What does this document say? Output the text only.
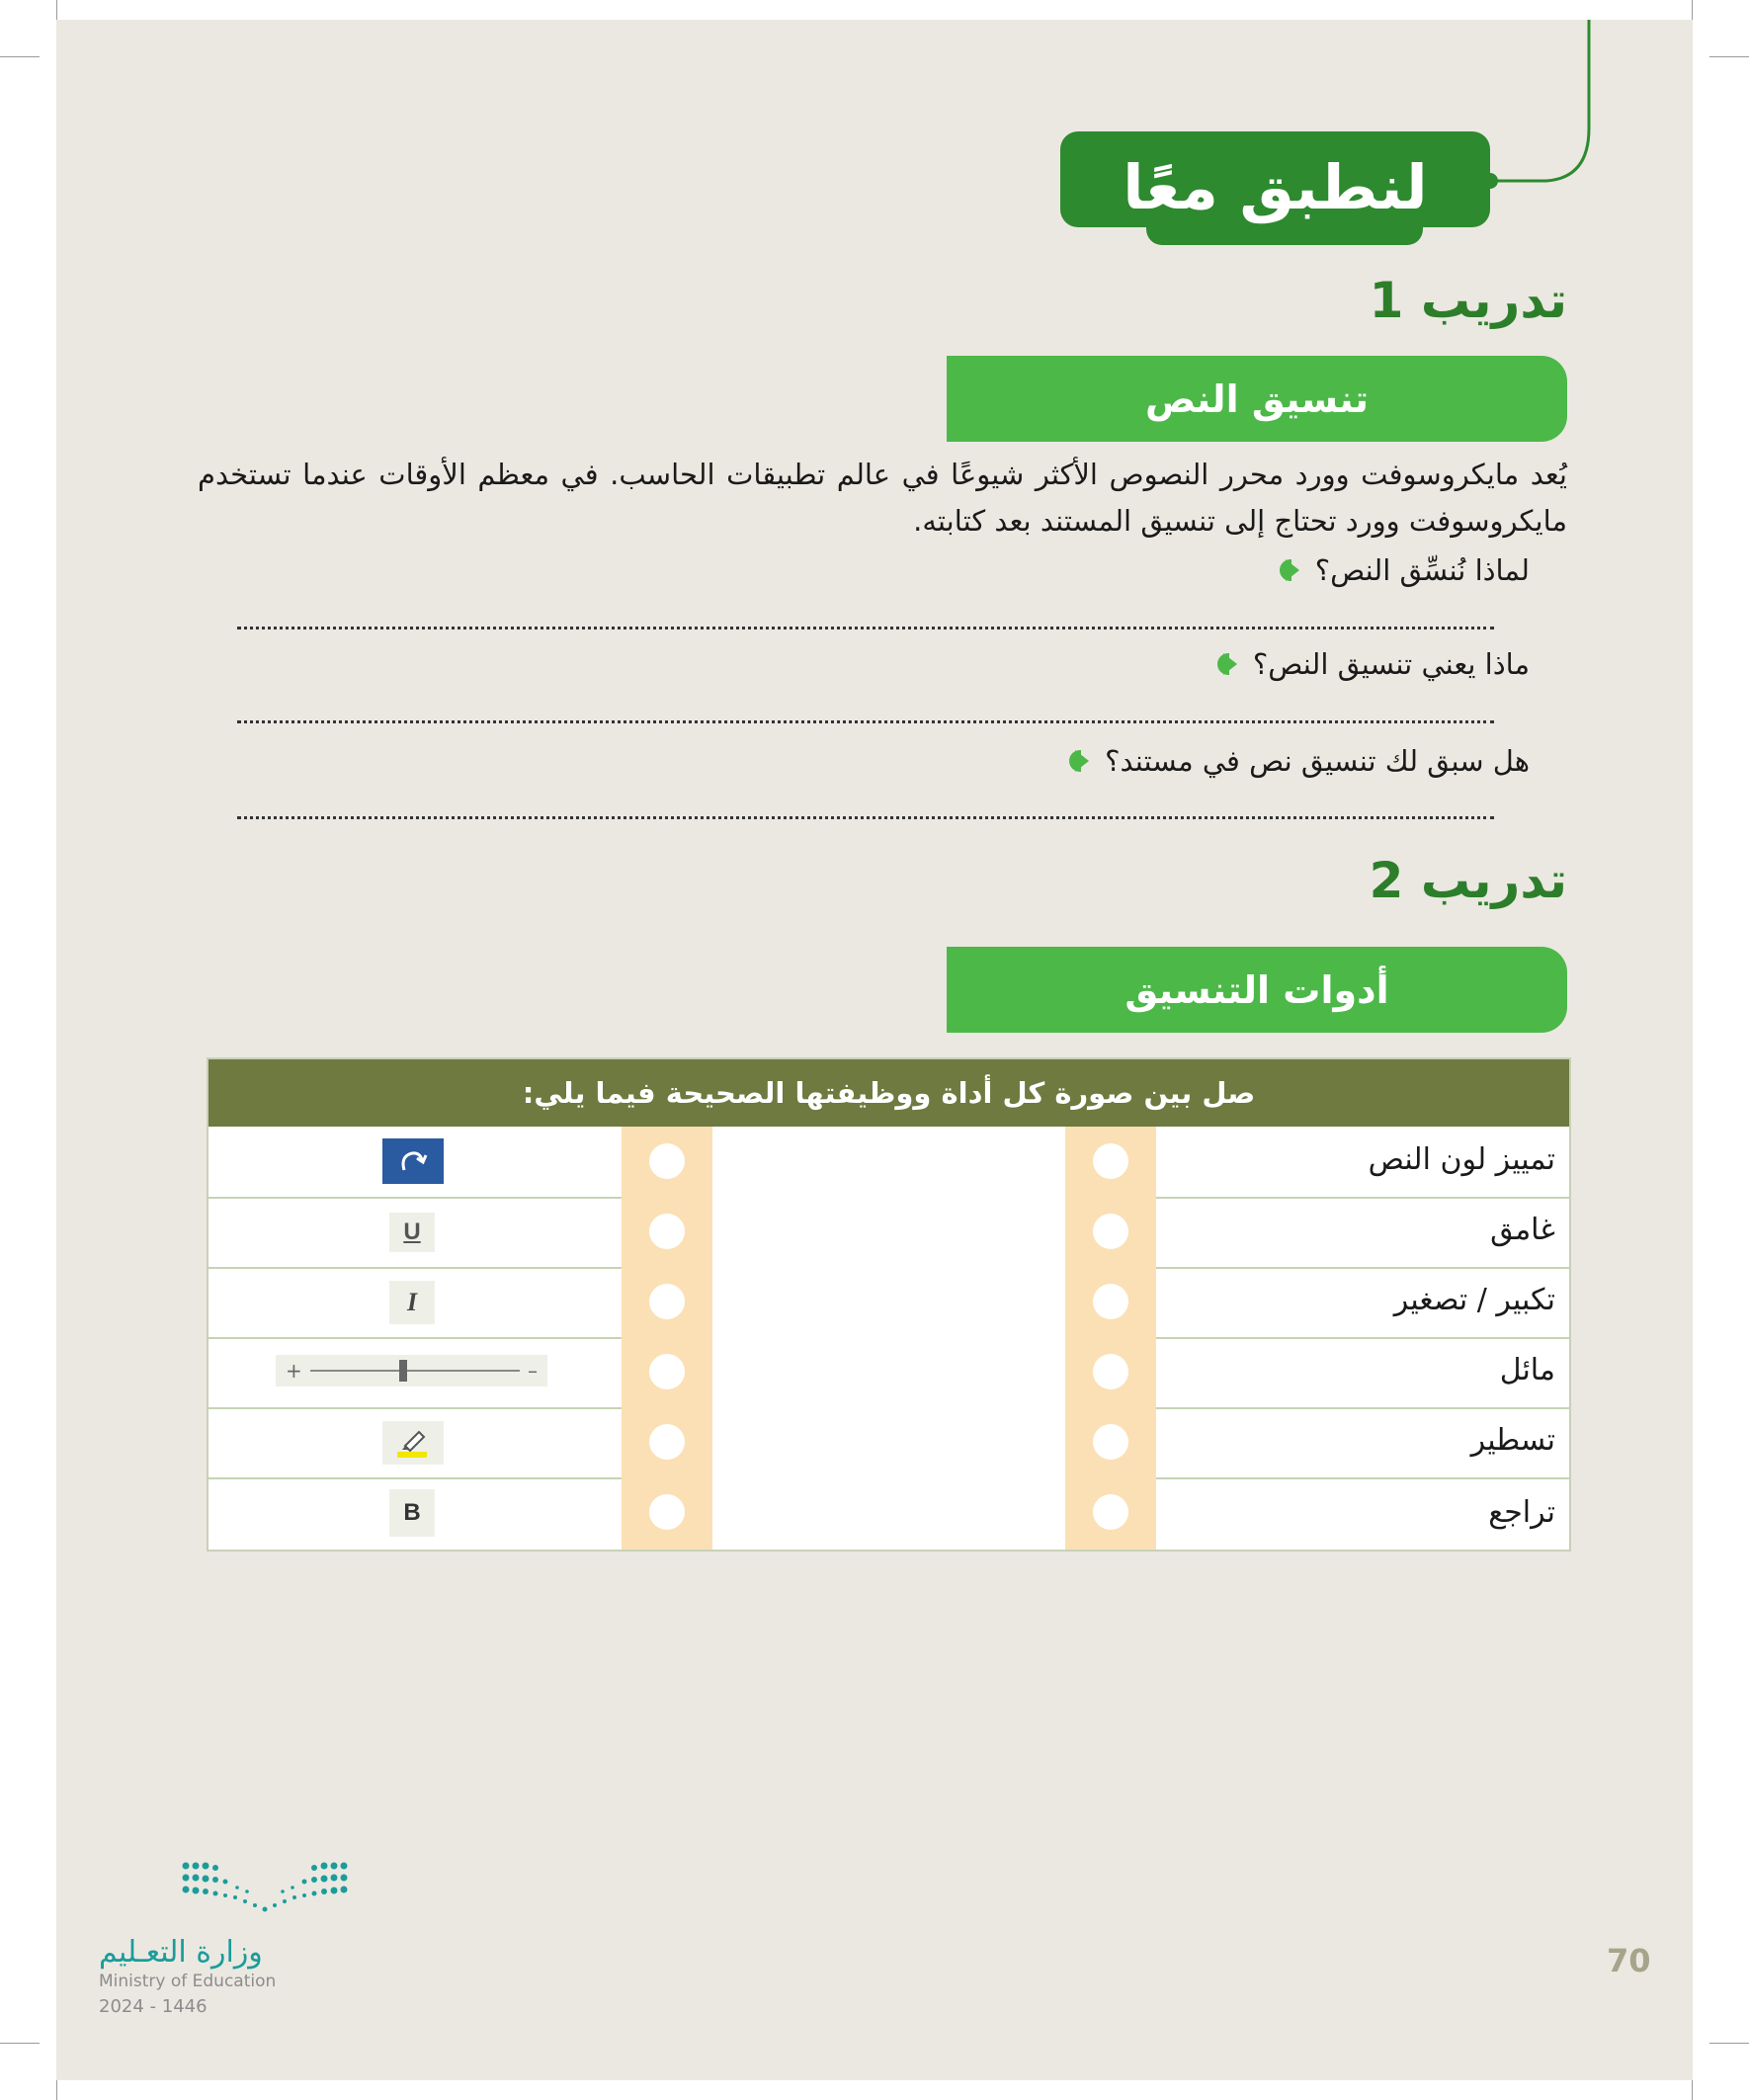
لنطبق معًا
تدريب 1
تنسيق النص
يُعد مايكروسوفت وورد محرر النصوص الأكثر شيوعًا في عالم تطبيقات الحاسب. في معظم الأوقات عندما تستخدم مايكروسوفت وورد تحتاج إلى تنسيق المستند بعد كتابته.
لماذا نُنسِّق النص؟
ماذا يعني تنسيق النص؟
هل سبق لك تنسيق نص في مستند؟
تدريب 2
أدوات التنسيق
صل بين صورة كل أداة ووظيفتها الصحيحة فيما يلي:
تمييز لون النص
غامق
U
تكبير / تصغير
I
مائل
+	–
تسطير
تراجع
B
وزارة التعـليم
Ministry of Education
2024 - 1446
70
